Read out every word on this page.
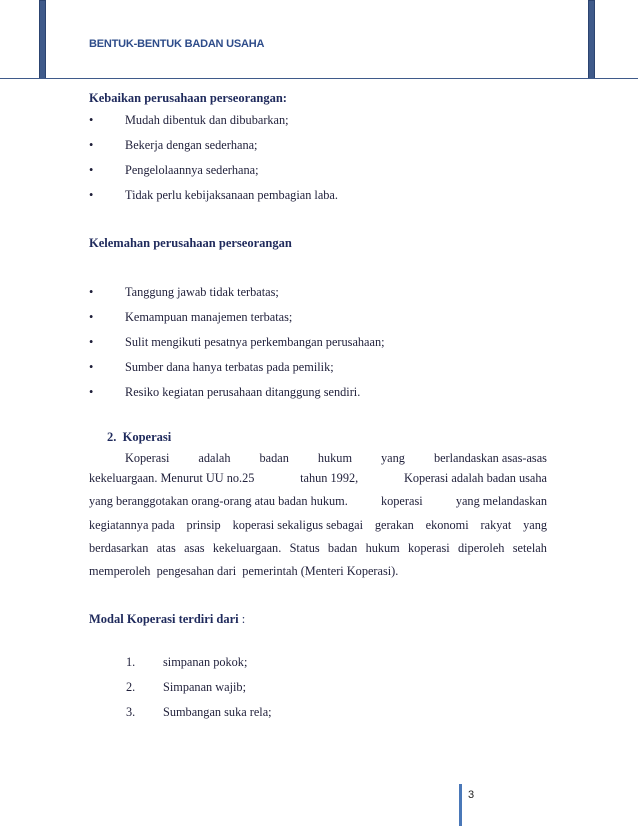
BENTUK-BENTUK BADAN USAHA
Kebaikan perusahaan perseorangan:
•	Mudah dibentuk dan dibubarkan;
•	Bekerja dengan sederhana;
•	Pengelolaannya sederhana;
•	Tidak perlu kebijaksanaan pembagian laba.
Kelemahan perusahaan perseorangan
•	Tanggung jawab tidak terbatas;
•	Kemampuan manajemen terbatas;
•	Sulit mengikuti pesatnya perkembangan perusahaan;
•	Sumber dana hanya terbatas pada pemilik;
•	Resiko kegiatan perusahaan ditanggung sendiri.
2. Koperasi
Koperasi adalah badan hukum yang berlandaskan asas-asas
kekeluargaan. Menurut UU no.25	tahun 1992,	Koperasi adalah badan usaha
yang beranggotakan orang-orang atau badan hukum.	koperasi	yang melandaskan
kegiatannya pada prinsip koperasi sekaligus sebagai gerakan ekonomi rakyat yang
berdasarkan atas asas kekeluargaan. Status badan hukum koperasi diperoleh setelah
memperoleh  pengesahan dari  pemerintah (Menteri Koperasi).
Modal Koperasi terdiri dari :
1. simpanan pokok;
2. Simpanan wajib;
3. Sumbangan suka rela;
3
